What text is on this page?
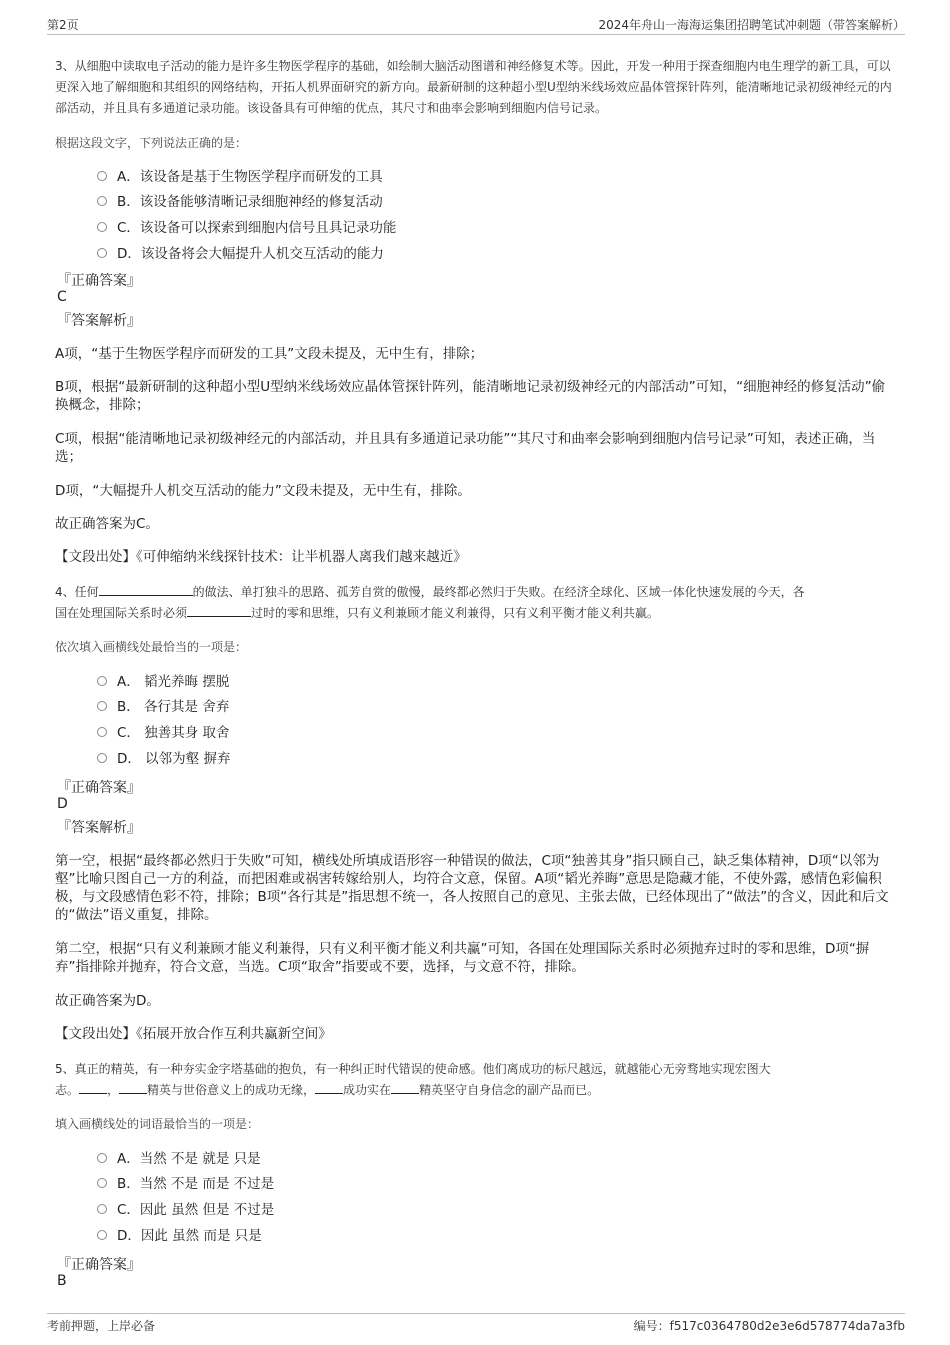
第2页	2024年舟山一海海运集团招聘笔试冲刺题（带答案解析）
3、从细胞中读取电子活动的能力是许多生物医学程序的基础，如绘制大脑活动图谱和神经修复术等。因此，开发一种用于探查细胞内电生理学的新工具，可以更深入地了解细胞和其组织的网络结构，开拓人机界面研究的新方向。最新研制的这种超小型U型纳米线场效应晶体管探针阵列，能清晰地记录初级神经元的内部活动，并且具有多通道记录功能。该设备具有可伸缩的优点，其尺寸和曲率会影响到细胞内信号记录。
根据这段文字，下列说法正确的是：
A．该设备是基于生物医学程序而研发的工具
B．该设备能够清晰记录细胞神经的修复活动
C．该设备可以探索到细胞内信号且具记录功能
D．该设备将会大幅提升人机交互活动的能力
『正确答案』
C
『答案解析』
A项，“基于生物医学程序而研发的工具”文段未提及，无中生有，排除；
B项，根据“最新研制的这种超小型U型纳米线场效应晶体管探针阵列，能清晰地记录初级神经元的内部活动”可知，“细胞神经的修复活动”偷换概念，排除；
C项，根据“能清晰地记录初级神经元的内部活动，并且具有多通道记录功能”“其尺寸和曲率会影响到细胞内信号记录”可知，表述正确，当选；
D项，“大幅提升人机交互活动的能力”文段未提及，无中生有，排除。
故正确答案为C。
【文段出处】《可伸缩纳米线探针技术：让半机器人离我们越来越近》
4、任何	的做法、单打独斗的思路、孤芳自赏的傲慢，最终都必然归于失败。在经济全球化、区域一体化快速发展的今天，各
国在处理国际关系时必须	过时的零和思维，只有义利兼顾才能义利兼得，只有义利平衡才能义利共赢。
依次填入画横线处最恰当的一项是：
A． 韬光养晦 摆脱
B． 各行其是 舍弃
C． 独善其身 取舍
D． 以邻为壑 摒弃
『正确答案』
D
『答案解析』
第一空，根据“最终都必然归于失败”可知，横线处所填成语形容一种错误的做法，C项“独善其身”指只顾自己，缺乏集体精神，D项“以邻为壑”比喻只图自己一方的利益，而把困难或祸害转嫁给别人，均符合文意，保留。A项“韬光养晦”意思是隐藏才能，不使外露，感情色彩偏积极，与文段感情色彩不符，排除；B项“各行其是”指思想不统一，各人按照自己的意见、主张去做，已经体现出了“做法”的含义，因此和后文的“做法”语义重复，排除。
第二空，根据“只有义利兼顾才能义利兼得，只有义利平衡才能义利共赢”可知，各国在处理国际关系时必须抛弃过时的零和思维，D项“摒弃”指排除并抛弃，符合文意，当选。C项“取舍”指要或不要，选择，与文意不符，排除。
故正确答案为D。
【文段出处】《拓展开放合作互利共赢新空间》
5、真正的精英，有一种夯实金字塔基础的抱负，有一种纠正时代错误的使命感。他们离成功的标尺越远，就越能心无旁骛地实现宏图大
志。 ， 精英与世俗意义上的成功无缘， 成功实在 精英坚守自身信念的副产品而已。
填入画横线处的词语最恰当的一项是：
A．当然 不是 就是 只是
B．当然 不是 而是 不过是
C．因此 虽然 但是 不过是
D．因此 虽然 而是 只是
『正确答案』
B
考前押题，上岸必备	编号：f517c0364780d2e3e6d578774da7a3fb
